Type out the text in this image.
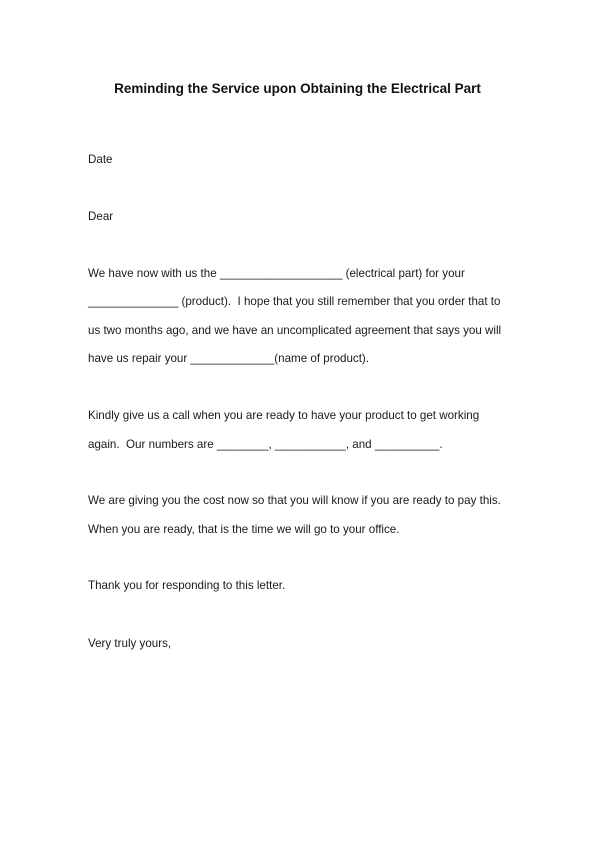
Reminding the Service upon Obtaining the Electrical Part
Date
Dear
We have now with us the ___________________ (electrical part) for your
______________ (product).  I hope that you still remember that you order that to
us two months ago, and we have an uncomplicated agreement that says you will
have us repair your _____________(name of product).
Kindly give us a call when you are ready to have your product to get working
again.  Our numbers are ________, ___________, and __________.
We are giving you the cost now so that you will know if you are ready to pay this.
When you are ready, that is the time we will go to your office.
Thank you for responding to this letter.
Very truly yours,
